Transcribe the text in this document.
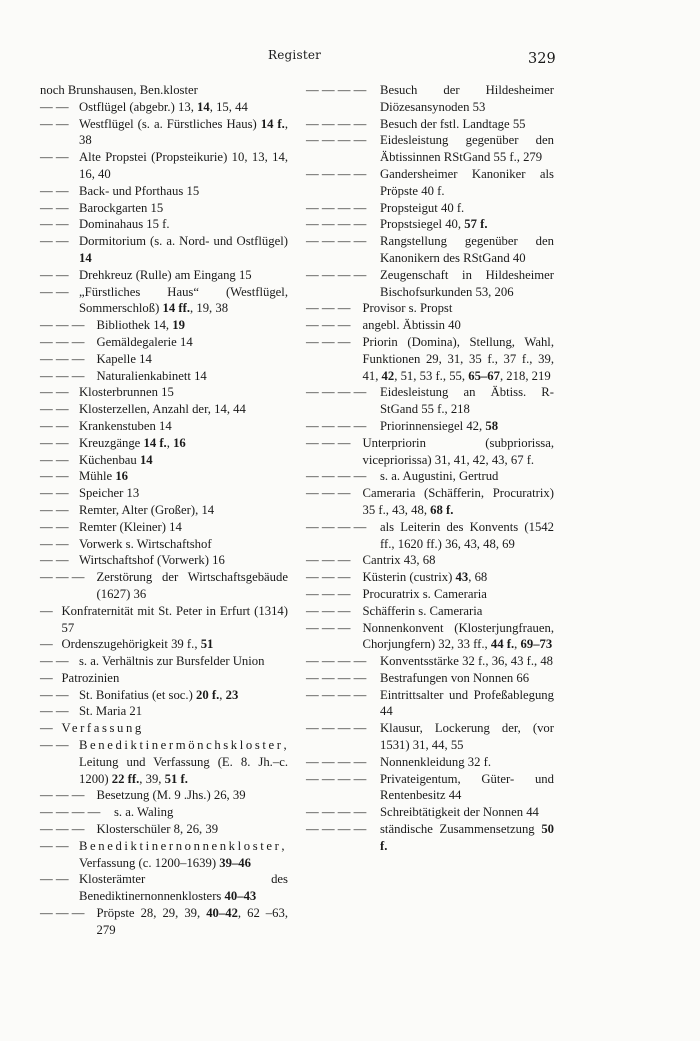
Register	329
noch Brunshausen, Ben.kloster
— — Ostflügel (abgebr.) 13, 14, 15, 44
— — Westflügel (s. a. Fürstliches Haus) 14 f., 38
— — Alte Propstei (Propsteikurie) 10, 13, 14, 16, 40
— — Back- und Pforthaus 15
— — Barockgarten 15
— — Dominahaus 15 f.
— — Dormitorium (s. a. Nord- und Ostflügel) 14
— — Drehkreuz (Rulle) am Eingang 15
— — „Fürstliches Haus“ (Westflügel, Sommerschloß) 14 ff., 19, 38
— — — Bibliothek 14, 19
— — — Gemäldegalerie 14
— — — Kapelle 14
— — — Naturalienkabinett 14
— — Klosterbrunnen 15
— — Klosterzellen, Anzahl der, 14, 44
— — Krankenstuben 14
— — Kreuzgänge 14 f., 16
— — Küchenbau 14
— — Mühle 16
— — Speicher 13
— — Remter, Alter (Großer), 14
— — Remter (Kleiner) 14
— — Vorwerk s. Wirtschaftshof
— — Wirtschaftshof (Vorwerk) 16
— — — Zerstörung der Wirtschaftsgebäude (1627) 36
— Konfraternität mit St. Peter in Erfurt (1314) 57
— Ordenszugehörigkeit 39 f., 51
— — s. a. Verhältnis zur Bursfelder Union
— Patrozinien
— — St. Bonifatius (et soc.) 20 f., 23
— — St. Maria 21
— Verfassung
— — Benediktinermönchskloster, Leitung und Verfassung (E. 8. Jh.–c. 1200) 22 ff., 39, 51 f.
— — — Besetzung (M. 9 .Jhs.) 26, 39
— — — — s. a. Waling
— — — Klosterschüler 8, 26, 39
— — Benediktinernonnenkloster, Verfassung (c. 1200–1639) 39–46
— — Klosterämter des Benediktinernonnenklosters 40–43
— — — Pröpste 28, 29, 39, 40–42, 62 –63, 279
— — — — Besuch der Hildesheimer Diözesansynoden 53
— — — — Besuch der fstl. Landtage 55
— — — — Eidesleistung gegenüber den Äbtissinnen RStGand 55 f., 279
— — — — Gandersheimer Kanoniker als Pröpste 40 f.
— — — — Propsteigut 40 f.
— — — — Propstsiegel 40, 57 f.
— — — — Rangstellung gegenüber den Kanonikern des RStGand 40
— — — — Zeugenschaft in Hildesheimer Bischofsurkunden 53, 206
— — — Provisor s. Propst
— — — angebl. Äbtissin 40
— — — Priorin (Domina), Stellung, Wahl, Funktionen 29, 31, 35 f., 37 f., 39, 41, 42, 51, 53 f., 55, 65–67, 218, 219
— — — — Eidesleistung an Äbtiss. R-StGand 55 f., 218
— — — — Priorinnensiegel 42, 58
— — — Unterpriorin (subpriorissa, vicepriorissa) 31, 41, 42, 43, 67 f.
— — — — s. a. Augustini, Gertrud
— — — Cameraria (Schäfferin, Procuratrix) 35 f., 43, 48, 68 f.
— — — — als Leiterin des Konvents (1542 ff., 1620 ff.) 36, 43, 48, 69
— — — Cantrix 43, 68
— — — Küsterin (custrix) 43, 68
— — — Procuratrix s. Cameraria
— — — Schäfferin s. Cameraria
— — — Nonnenkonvent (Klosterjungfrauen, Chorjungfern) 32, 33 ff., 44 f., 69–73
— — — — Konventsstärke 32 f., 36, 43 f., 48
— — — — Bestrafungen von Nonnen 66
— — — — Eintrittsalter und Profeßablegung 44
— — — — Klausur, Lockerung der, (vor 1531) 31, 44, 55
— — — — Nonnenkleidung 32 f.
— — — — Privateigentum, Güter- und Rentenbesitz 44
— — — — Schreibtätigkeit der Nonnen 44
— — — — ständische Zusammensetzung 50 f.
